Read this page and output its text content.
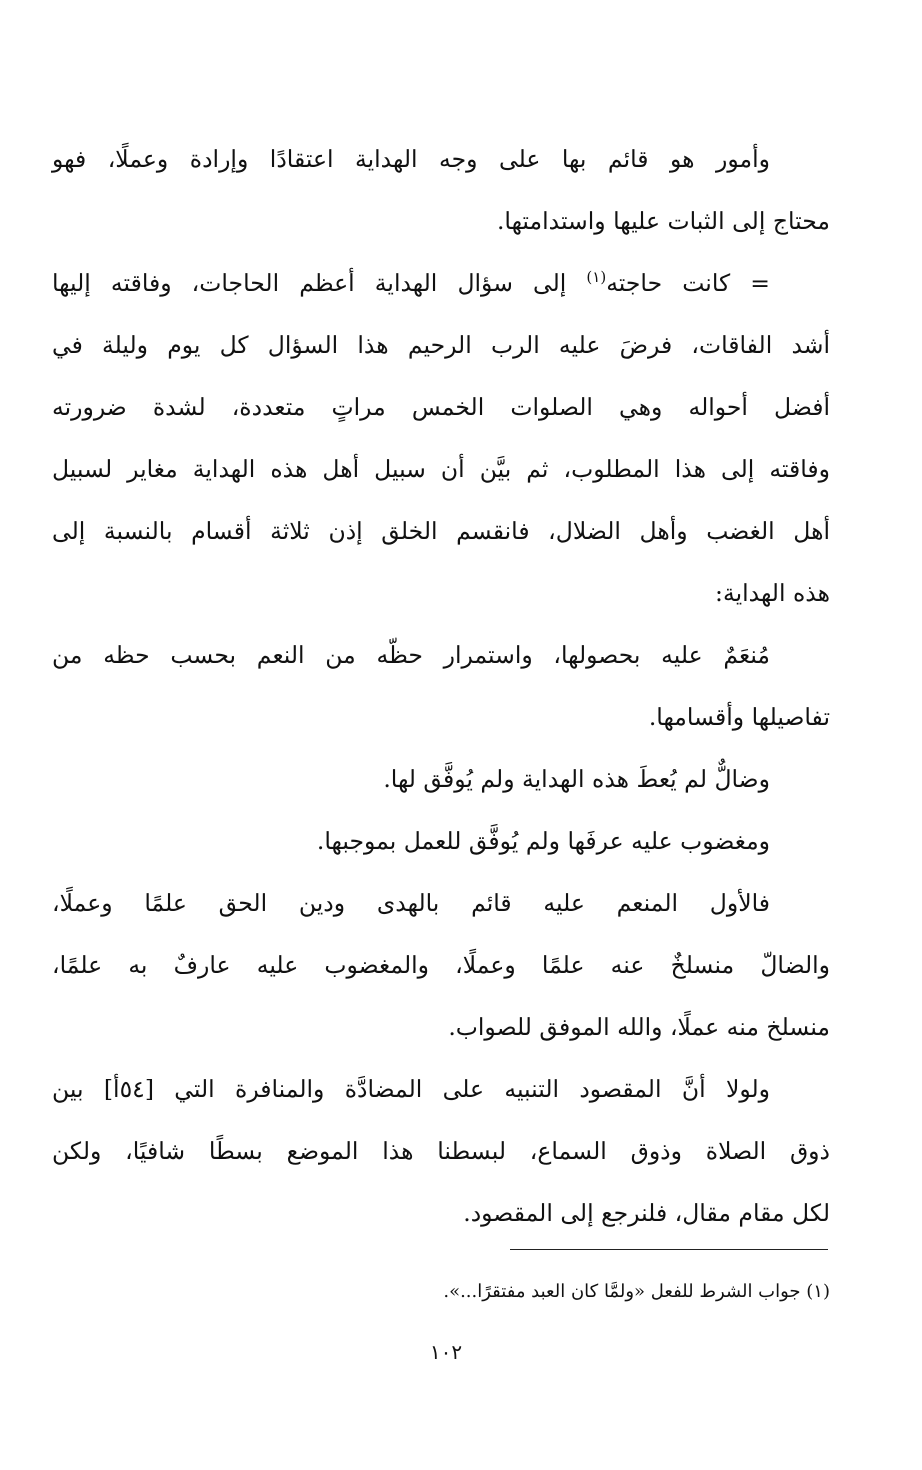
وأمور هو قائم بها على وجه الهداية اعتقادًا وإرادة وعملًا، فهو
محتاج إلى الثبات عليها واستدامتها.
= كانت حاجته$^{(١)}$ إلى سؤال الهداية أعظم الحاجات، وفاقته إليها
أشد الفاقات، فرضَ عليه الرب الرحيم هذا السؤال كل يوم وليلة في
أفضل أحواله وهي الصلوات الخمس مراتٍ متعددة، لشدة ضرورته
وفاقته إلى هذا المطلوب، ثم بيَّن أن سبيل أهل هذه الهداية مغاير لسبيل
أهل الغضب وأهل الضلال، فانقسم الخلق إذن ثلاثة أقسام بالنسبة إلى
هذه الهداية:
مُنعَمٌ عليه بحصولها، واستمرار حظّه من النعم بحسب حظه من
تفاصيلها وأقسامها.
وضالٌّ لم يُعطَ هذه الهداية ولم يُوفَّق لها.
ومغضوب عليه عرفَها ولم يُوفَّق للعمل بموجبها.
فالأول المنعم عليه قائم بالهدى ودين الحق علمًا وعملًا،
والضالّ منسلخٌ عنه علمًا وعملًا، والمغضوب عليه عارفٌ به علمًا،
منسلخ منه عملًا، والله الموفق للصواب.
ولولا أنَّ المقصود التنبيه على المضادَّة والمنافرة التي [٥٤أ] بين
ذوق الصلاة وذوق السماع، لبسطنا هذا الموضع بسطًا شافيًا، ولكن
لكل مقام مقال، فلنرجع إلى المقصود.
(١) جواب الشرط للفعل «ولمَّا كان العبد مفتقرًا...».
١٠٢
